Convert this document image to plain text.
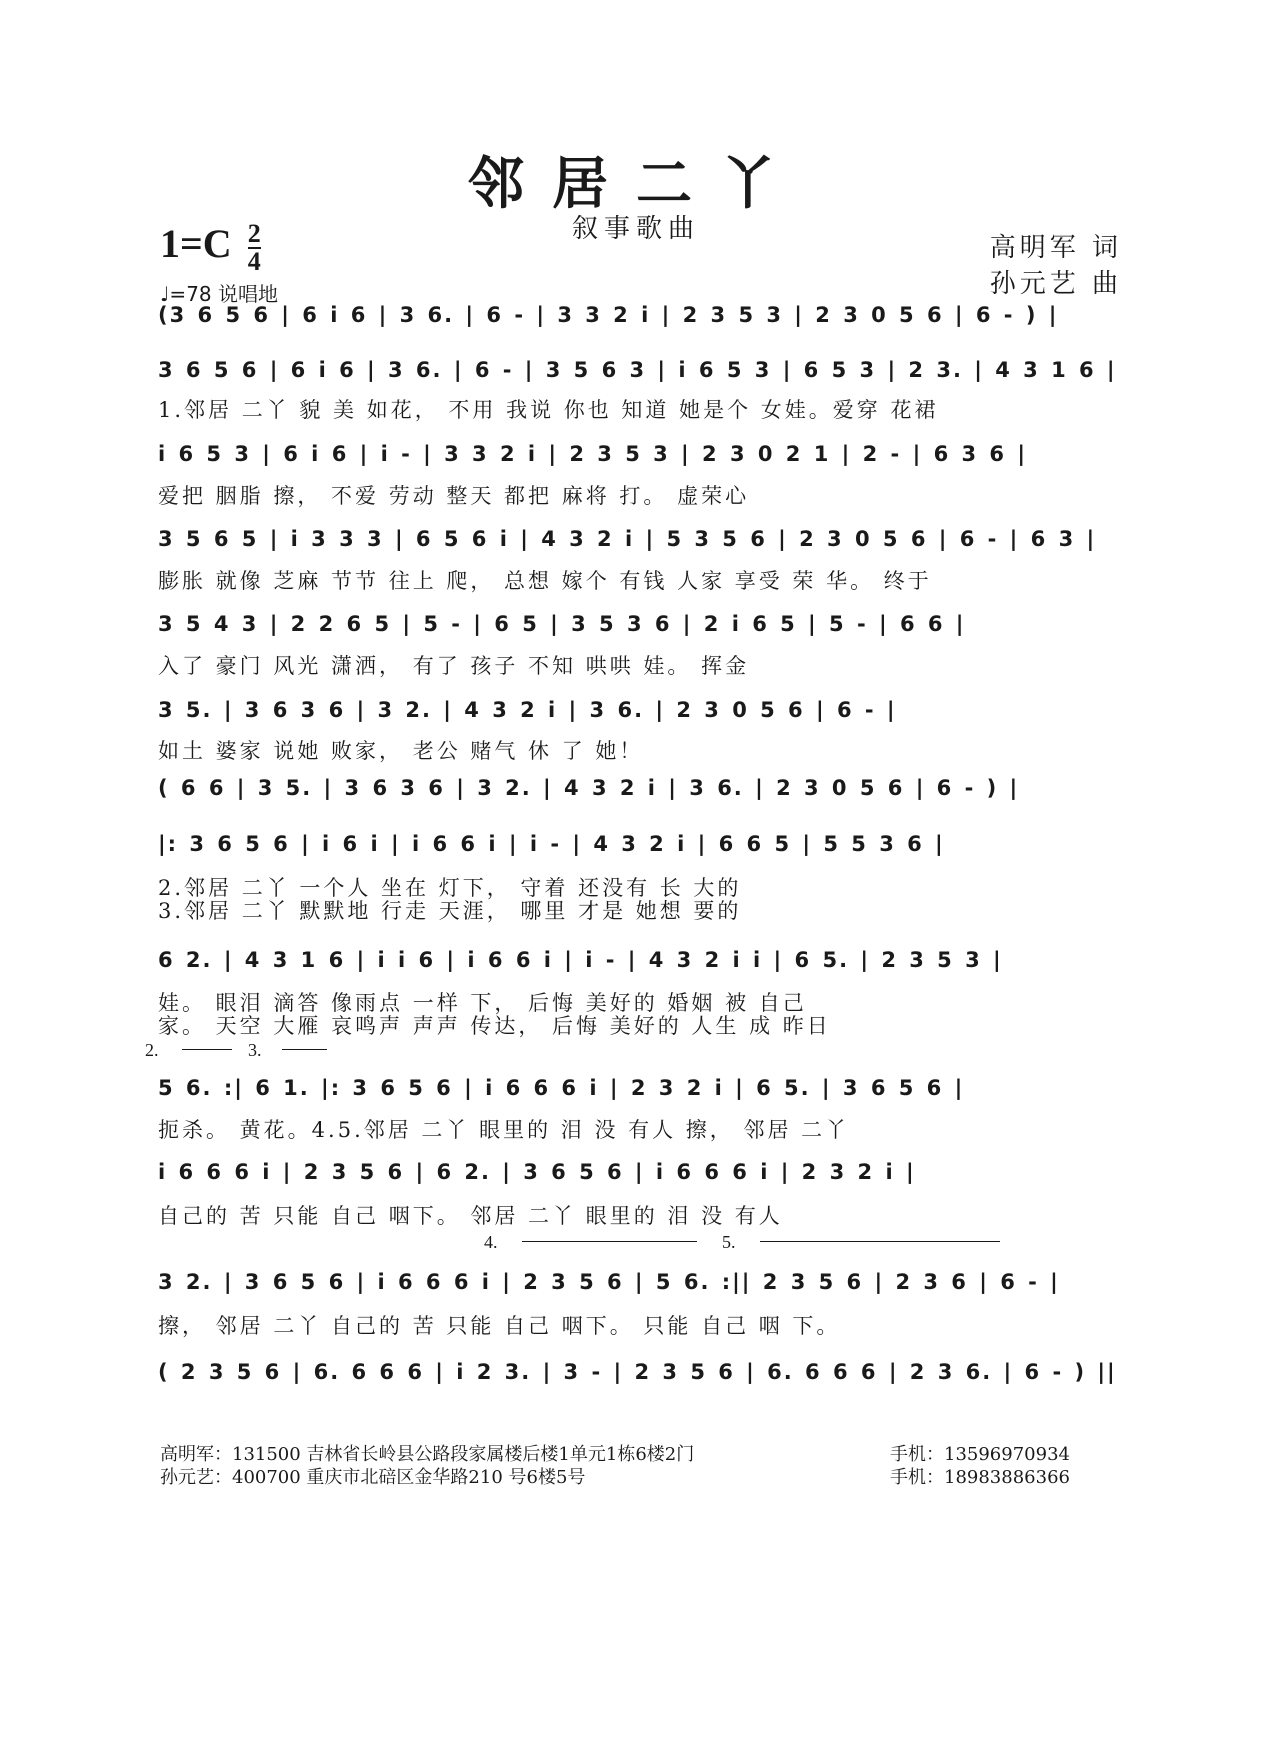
邻居二丫
叙事歌曲
$1=C \frac{2}{4}$
♩=78 说唱地
高明军 词
孙元艺 曲
(3 6 5 6 | 6 i 6 | 3 6. | 6 - | 3 3 2 i | 2 3 5 3 | 2 3 0 5 6 | 6 - ) |
3 6 5 6 | 6 i 6 | 3 6. | 6 - | 3 5 6 3 | i 6 5 3 | 6 5 3 | 2 3. | 4 3 1 6 |
1.邻居 二丫 貌 美 如花， 不用 我说 你也 知道 她是个 女娃。爱穿 花裙
i 6 5 3 | 6 i 6 | i - | 3 3 2 i | 2 3 5 3 | 2 3 0 2 1 | 2 - | 6 3 6 |
爱把 胭脂 擦， 不爱 劳动 整天 都把 麻将 打。 虚荣心
3 5 6 5 | i 3 3 3 | 6 5 6 i | 4 3 2 i | 5 3 5 6 | 2 3 0 5 6 | 6 - | 6 3 |
膨胀 就像 芝麻 节节 往上 爬， 总想 嫁个 有钱 人家 享受 荣 华。 终于
3 5 4 3 | 2 2 6 5 | 5 - | 6 5 | 3 5 3 6 | 2 i 6 5 | 5 - | 6 6 |
入了 豪门 风光 潇洒， 有了 孩子 不知 哄哄 娃。 挥金
3 5. | 3 6 3 6 | 3 2. | 4 3 2 i | 3 6. | 2 3 0 5 6 | 6 - |
如土 婆家 说她 败家， 老公 赌气 休 了 她！
( 6 6 | 3 5. | 3 6 3 6 | 3 2. | 4 3 2 i | 3 6. | 2 3 0 5 6 | 6 - ) |
|: 3 6 5 6 | i 6 i | i 6 6 i | i - | 4 3 2 i | 6 6 5 | 5 5 3 6 |
2.邻居 二丫 一个人 坐在 灯下， 守着 还没有 长 大的
3.邻居 二丫 默默地 行走 天涯， 哪里 才是 她想 要的
6 2. | 4 3 1 6 | i i 6 | i 6 6 i | i - | 4 3 2 i i | 6 5. | 2 3 5 3 |
娃。 眼泪 滴答 像雨点 一样 下， 后悔 美好的 婚姻 被 自己
家。 天空 大雁 哀鸣声 声声 传达， 后悔 美好的 人生 成 昨日
2.	3.
5 6. :| 6 1. |: 3 6 5 6 | i 6 6 6 i | 2 3 2 i | 6 5. | 3 6 5 6 |
扼杀。 黄花。4.5.邻居 二丫 眼里的 泪 没 有人 擦， 邻居 二丫
i 6 6 6 i | 2 3 5 6 | 6 2. | 3 6 5 6 | i 6 6 6 i | 2 3 2 i |
自己的 苦 只能 自己 咽下。 邻居 二丫 眼里的 泪 没 有人
4.	5.
3 2. | 3 6 5 6 | i 6 6 6 i | 2 3 5 6 | 5 6. :|| 2 3 5 6 | 2 3 6 | 6 - |
擦， 邻居 二丫 自己的 苦 只能 自己 咽下。 只能 自己 咽 下。
( 2 3 5 6 | 6. 6 6 6 | i 2 3. | 3 - | 2 3 5 6 | 6. 6 6 6 | 2 3 6. | 6 - ) ||
高明军：131500 吉林省长岭县公路段家属楼后楼1单元1栋6楼2门	手机：13596970934
孙元艺：400700 重庆市北碚区金华路210 号6楼5号	手机：18983886366
